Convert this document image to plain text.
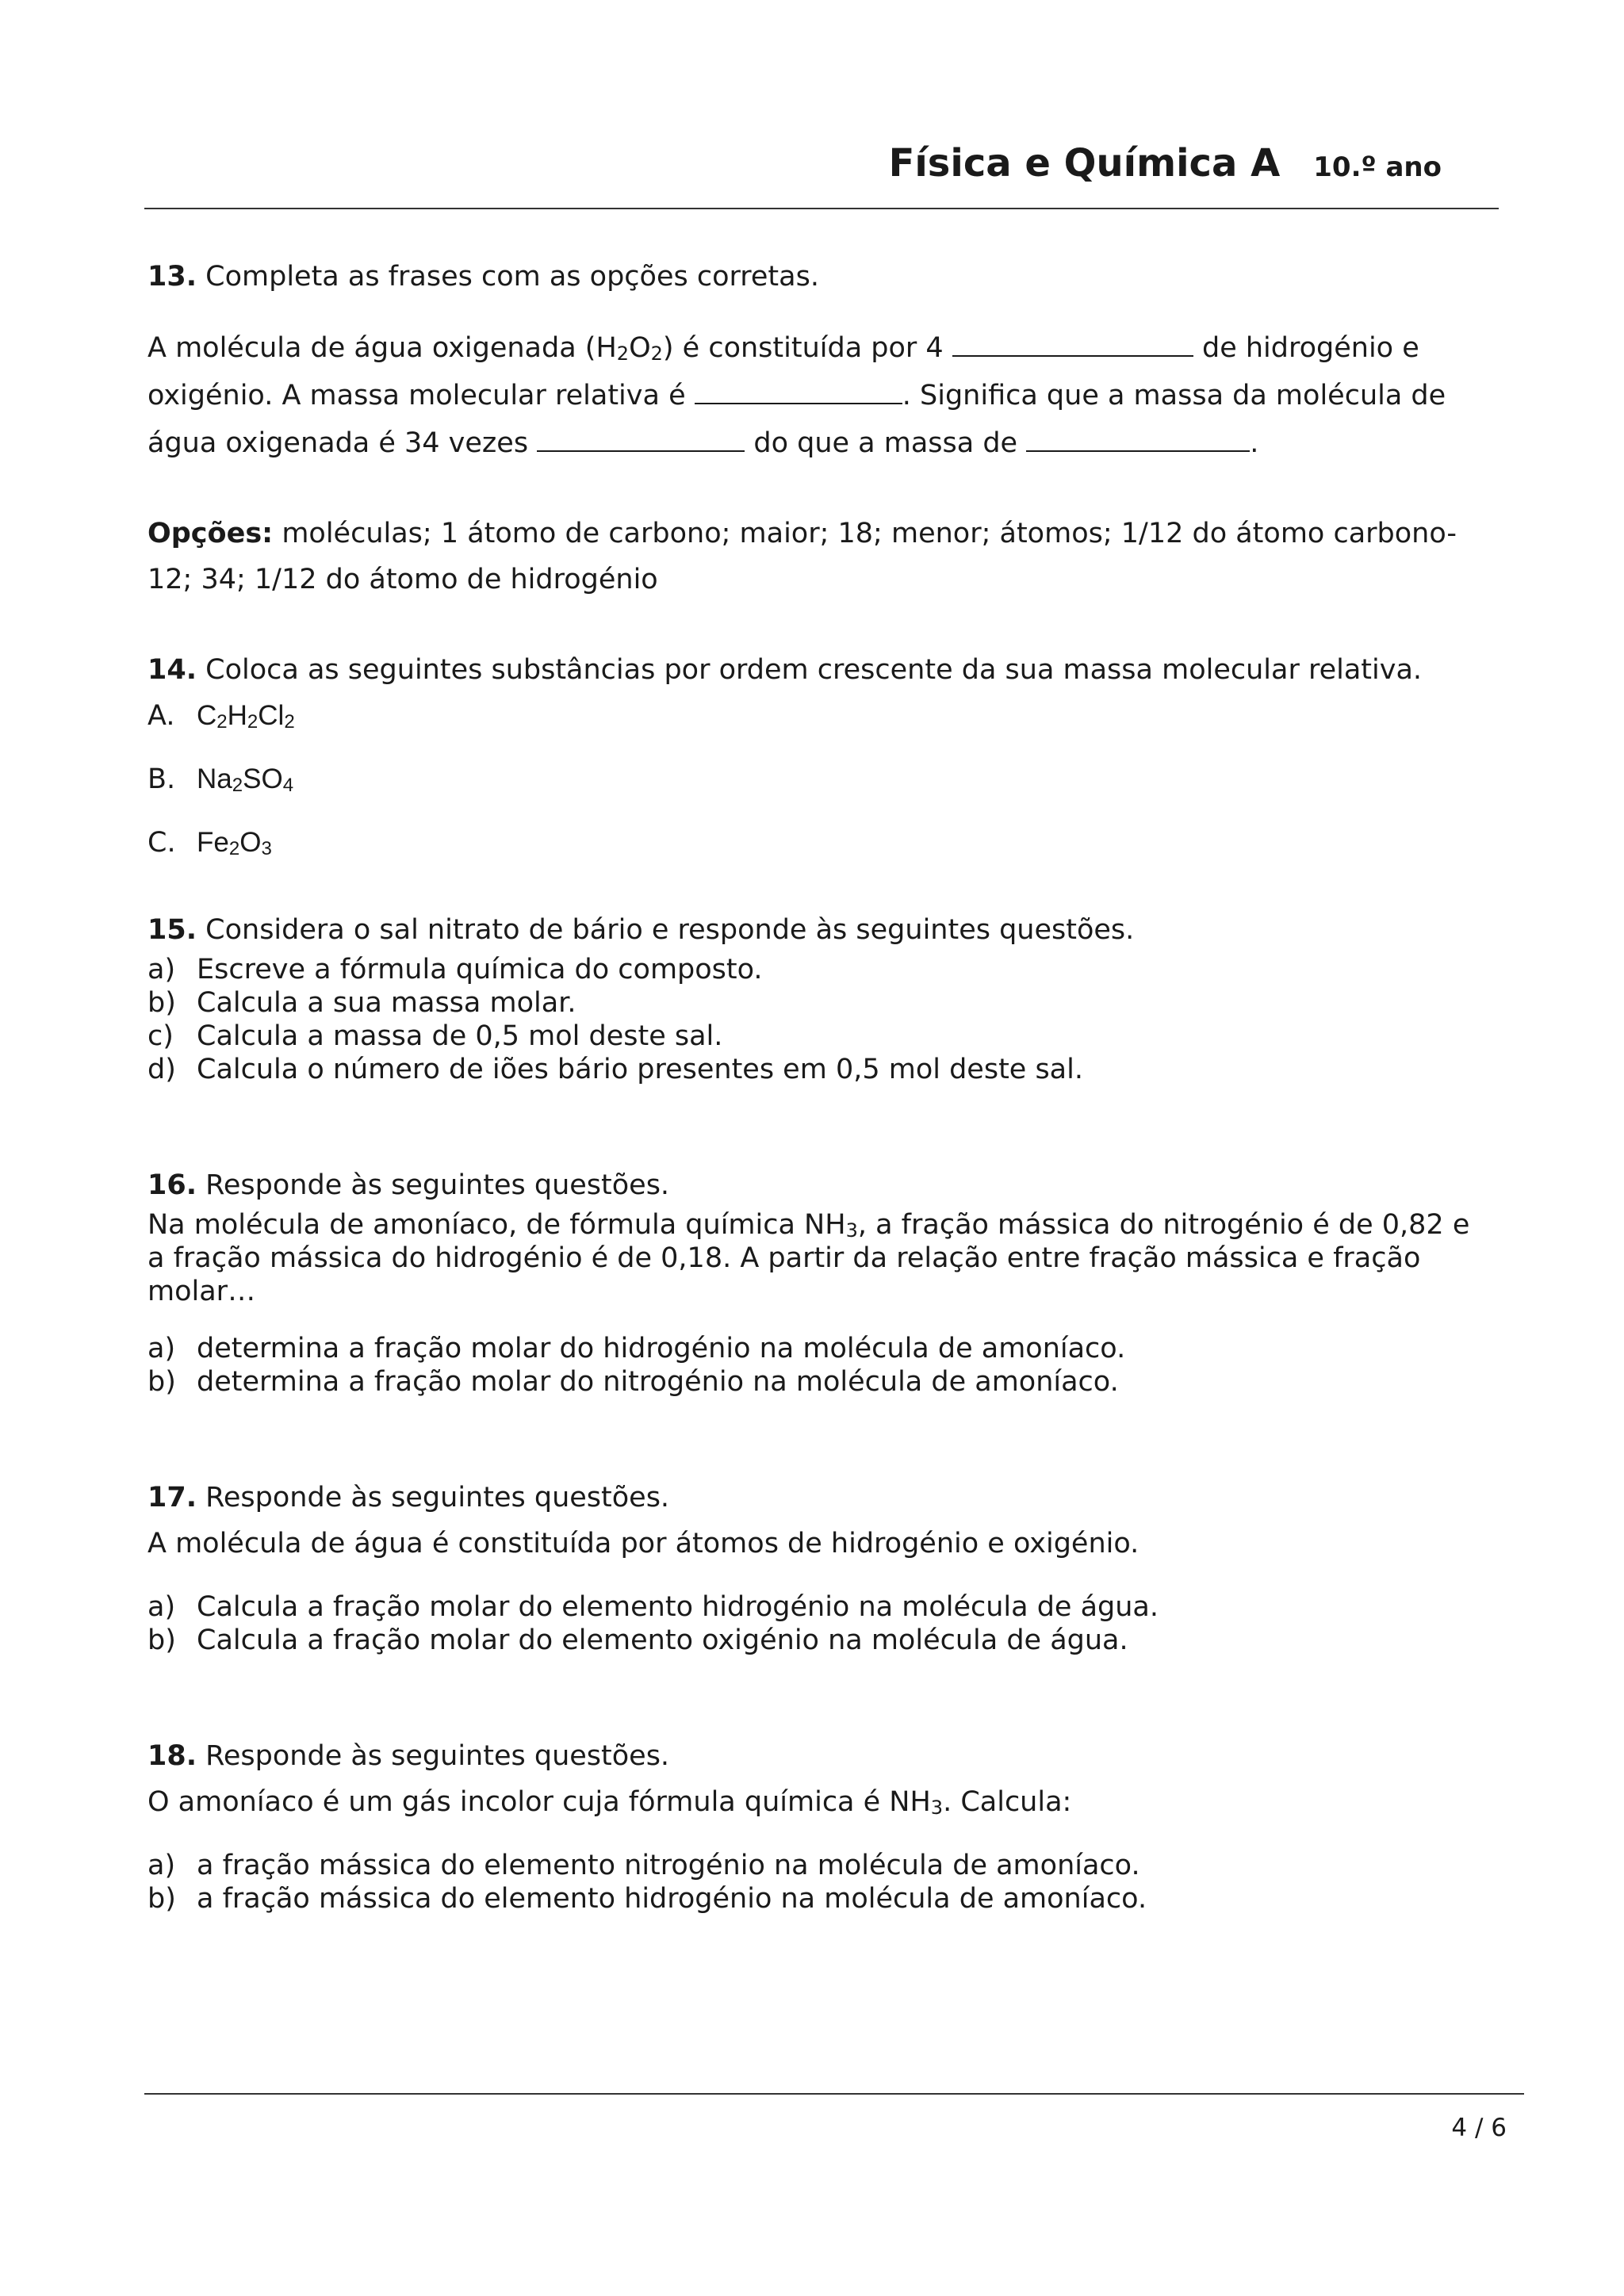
Física e Química A 10.º ano

13. Completa as frases com as opções corretas.

A molécula de água oxigenada $(H_2O_2)$ é constituída por 4	de hidrogénio e
oxigénio. A massa molecular relativa é	. Significa que a massa da molécula de
água oxigenada é 34 vezes	do que a massa de	.

Opções: moléculas; 1 átomo de carbono; maior; 18; menor; átomos; 1/12 do átomo carbono-
12; 34; 1/12 do átomo de hidrogénio

14. Coloca as seguintes substâncias por ordem crescente da sua massa molecular relativa.

A. $C_2H_2Cl_2$
B. $Na_2SO_4$
C. $Fe_2O_3$

15. Considera o sal nitrato de bário e responde às seguintes questões.

a) Escreve a fórmula química do composto.
b) Calcula a sua massa molar.
c) Calcula a massa de 0,5 mol deste sal.
d) Calcula o número de iões bário presentes em 0,5 mol deste sal.

16. Responde às seguintes questões.

Na molécula de amoníaco, de fórmula química $NH_3$, a fração mássica do nitrogénio é de 0,82 e
a fração mássica do hidrogénio é de 0,18. A partir da relação entre fração mássica e fração
molar…

a) determina a fração molar do hidrogénio na molécula de amoníaco.
b) determina a fração molar do nitrogénio na molécula de amoníaco.

17. Responde às seguintes questões.

A molécula de água é constituída por átomos de hidrogénio e oxigénio.

a) Calcula a fração molar do elemento hidrogénio na molécula de água.
b) Calcula a fração molar do elemento oxigénio na molécula de água.

18. Responde às seguintes questões.

O amoníaco é um gás incolor cuja fórmula química é $NH_3$. Calcula:

a) a fração mássica do elemento nitrogénio na molécula de amoníaco.
b) a fração mássica do elemento hidrogénio na molécula de amoníaco.
4 / 6
